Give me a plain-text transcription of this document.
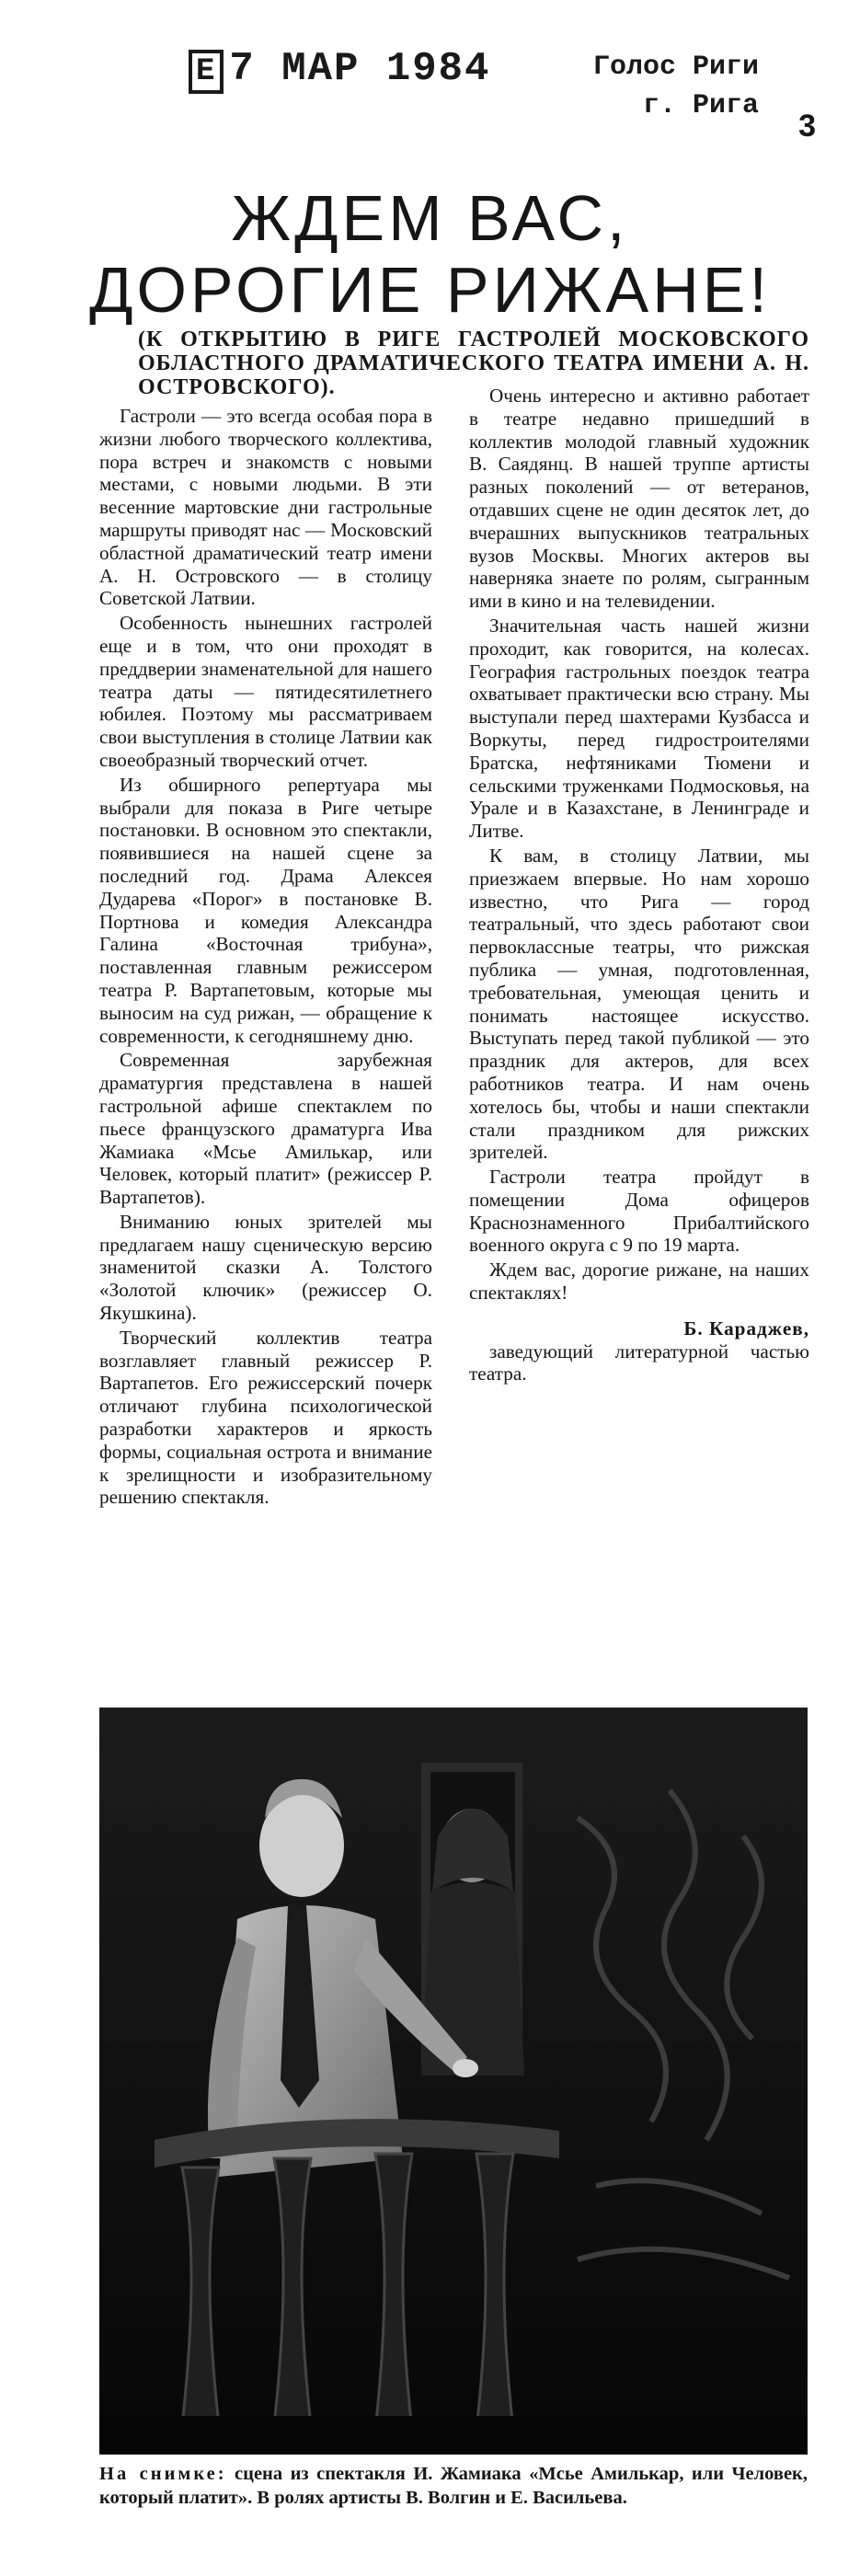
Е 7 МАР 1984	Голос Риги
г. Рига
3
ЖДЕМ ВАС,
ДОРОГИЕ РИЖАНЕ!
(К ОТКРЫТИЮ В РИГЕ ГАСТРОЛЕЙ МОСКОВСКОГО ОБЛАСТНОГО ДРАМАТИЧЕСКОГО ТЕАТРА ИМЕНИ А. Н. ОСТРОВСКОГО).

Гастроли — это всегда особая пора в жизни любого творческого коллектива, пора встреч и знакомств с новыми местами, с новыми людьми. В эти весенние мартовские дни гастрольные маршруты приводят нас — Московский областной драматический театр имени А. Н. Островского — в столицу Советской Латвии.

Особенность нынешних гастролей еще и в том, что они проходят в преддверии знаменательной для нашего театра даты — пятидесятилетнего юбилея. Поэтому мы рассматриваем свои выступления в столице Латвии как своеобразный творческий отчет.

Из обширного репертуара мы выбрали для показа в Риге четыре постановки. В основном это спектакли, появившиеся на нашей сцене за последний год. Драма Алексея Дударева «Порог» в постановке В. Портнова и комедия Александра Галина «Восточная трибуна», поставленная главным режиссером театра Р. Вартапетовым, которые мы выносим на суд рижан, — обращение к современности, к сегодняшнему дню.

Современная зарубежная драматургия представлена в нашей гастрольной афише спектаклем по пьесе французского драматурга Ива Жамиака «Мсье Амилькар, или Человек, который платит» (режиссер Р. Вартапетов).

Вниманию юных зрителей мы предлагаем нашу сценическую версию знаменитой сказки А. Толстого «Золотой ключик» (режиссер О. Якушкина).

Творческий коллектив театра возглавляет главный режиссер Р. Вартапетов. Его режиссерский почерк отличают глубина психологической разработки характеров и яркость формы, социальная острота и внимание к зрелищности и изобразительному решению спектакля.

Очень интересно и активно работает в театре недавно пришедший в коллектив молодой главный художник В. Саядянц. В нашей труппе артисты разных поколений — от ветеранов, отдавших сцене не один десяток лет, до вчерашних выпускников театральных вузов Москвы. Многих актеров вы наверняка знаете по ролям, сыгранным ими в кино и на телевидении.

Значительная часть нашей жизни проходит, как говорится, на колесах. География гастрольных поездок театра охватывает практически всю страну. Мы выступали перед шахтерами Кузбасса и Воркуты, перед гидростроителями Братска, нефтяниками Тюмени и сельскими труженками Подмосковья, на Урале и в Казахстане, в Ленинграде и Литве.

К вам, в столицу Латвии, мы приезжаем впервые. Но нам хорошо известно, что Рига — город театральный, что здесь работают свои первоклассные театры, что рижская публика — умная, подготовленная, требовательная, умеющая ценить и понимать настоящее искусство. Выступать перед такой публикой — это праздник для актеров, для всех работников театра. И нам очень хотелось бы, чтобы и наши спектакли стали праздником для рижских зрителей.

Гастроли театра пройдут в помещении Дома офицеров Краснознаменного Прибалтийского военного округа с 9 по 19 марта.

Ждем вас, дорогие рижане, на наших спектаклях!

Б. Караджев,
заведующий литературной частью театра.
На снимке: сцена из спектакля И. Жамиака «Мсье Амилькар, или Человек, который платит». В ролях артисты В. Волгин и Е. Васильева.
